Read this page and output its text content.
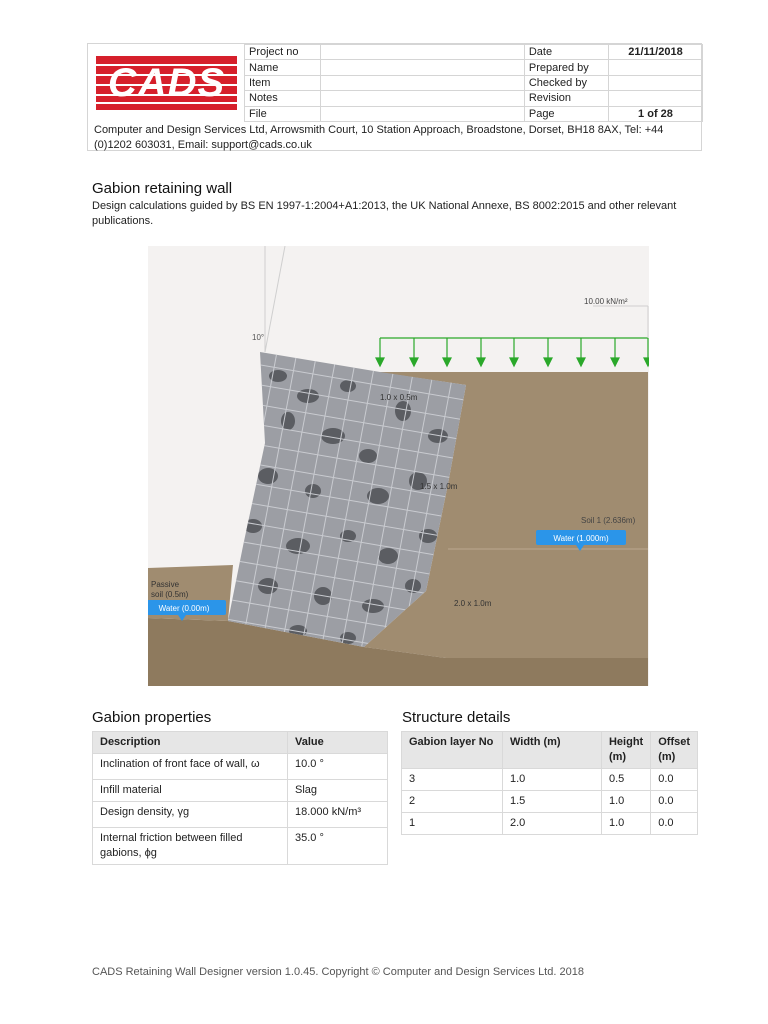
CADS
Project no		Date	21/11/2018
Name		Prepared by	
Item		Checked by	
Notes		Revision	
File		Page	1 of 28
Computer and Design Services Ltd, Arrowsmith Court, 10 Station Approach, Broadstone, Dorset, BH18 8AX, Tel: +44 (0)1202 603031, Email: support@cads.co.uk
Gabion retaining wall
Design calculations guided by BS EN 1997-1:2004+A1:2013, the UK National Annexe, BS 8002:2015 and other relevant publications.
10°
10.00 kN/m²
1.0 x 0.5m
1.5 x 1.0m
2.0 x 1.0m
Soil 1 (2.636m)
Water (1.000m)
Passive
soil (0.5m)
Water (0.00m)
Gabion properties
Description	Value
Inclination of front face of wall, ω	10.0 °
Infill material	Slag
Design density, γg	18.000 kN/m³
Internal friction between filled gabions, ϕg	35.0 °
Structure details
Gabion layer No	Width (m)	Height (m)	Offset (m)
3	1.0	0.5	0.0
2	1.5	1.0	0.0
1	2.0	1.0	0.0
CADS Retaining Wall Designer version 1.0.45. Copyright © Computer and Design Services Ltd. 2018
